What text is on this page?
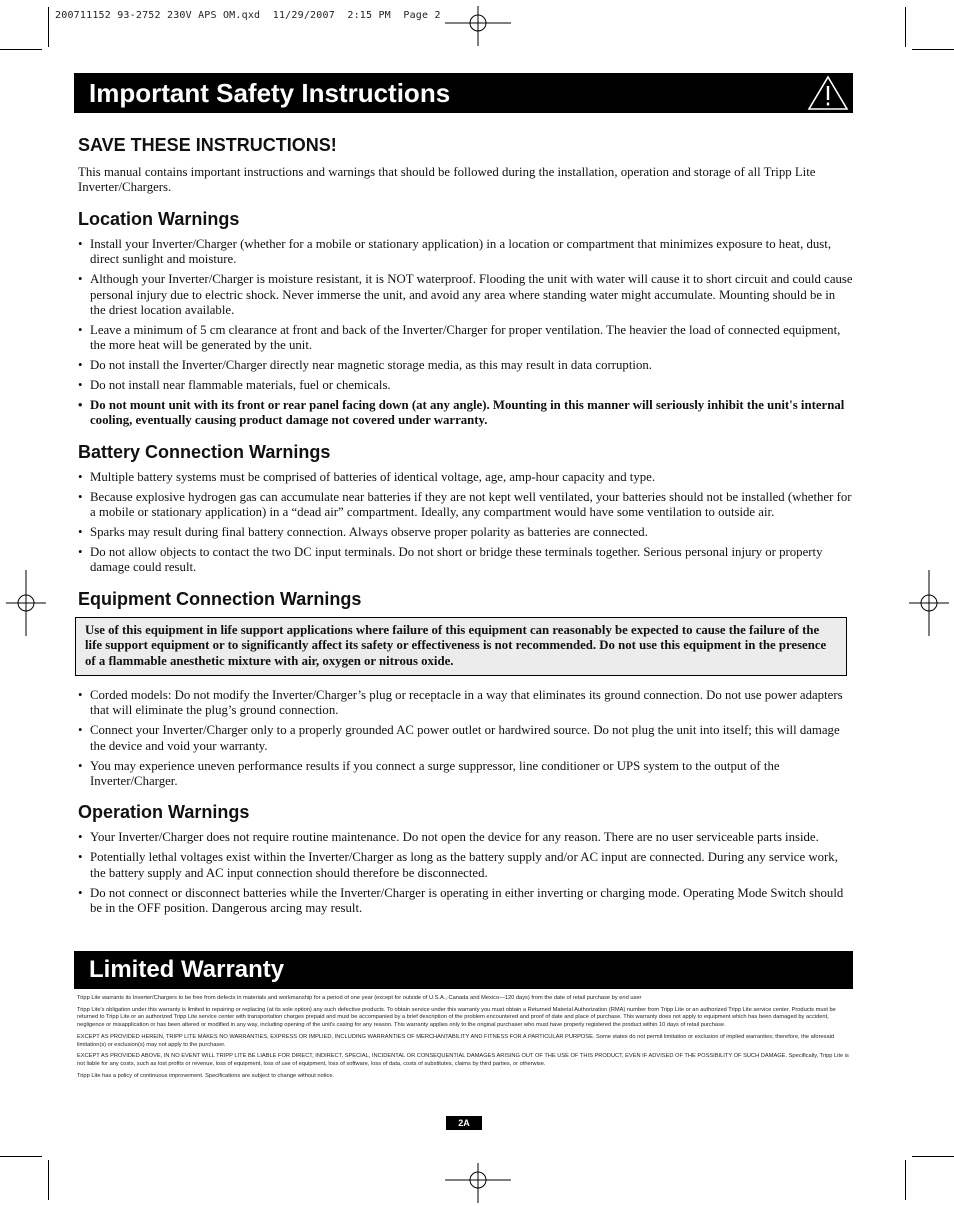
200711152 93-2752 230V APS OM.qxd  11/29/2007  2:15 PM  Page 2
Important Safety Instructions
SAVE THESE INSTRUCTIONS!

This manual contains important instructions and warnings that should be followed during the installation, operation and storage of all Tripp Lite Inverter/Chargers.

Location Warnings
• Install your Inverter/Charger (whether for a mobile or stationary application) in a location or compartment that minimizes exposure to heat, dust, direct sunlight and moisture.
• Although your Inverter/Charger is moisture resistant, it is NOT waterproof. Flooding the unit with water will cause it to short circuit and could cause personal injury due to electric shock. Never immerse the unit, and avoid any area where standing water might accumulate. Mounting should be in the driest location available.
• Leave a minimum of 5 cm clearance at front and back of the Inverter/Charger for proper ventilation. The heavier the load of connected equipment, the more heat will be generated by the unit.
• Do not install the Inverter/Charger directly near magnetic storage media, as this may result in data corruption.
• Do not install near flammable materials, fuel or chemicals.
• Do not mount unit with its front or rear panel facing down (at any angle). Mounting in this manner will seriously inhibit the unit's internal cooling, eventually causing product damage not covered under warranty.
Battery Connection Warnings
• Multiple battery systems must be comprised of batteries of identical voltage, age, amp-hour capacity and type.
• Because explosive hydrogen gas can accumulate near batteries if they are not kept well ventilated, your batteries should not be installed (whether for a mobile or stationary application) in a “dead air” compartment. Ideally, any compartment would have some ventilation to outside air.
• Sparks may result during final battery connection. Always observe proper polarity as batteries are connected.
• Do not allow objects to contact the two DC input terminals. Do not short or bridge these terminals together. Serious personal injury or property damage could result.
Equipment Connection Warnings
Use of this equipment in life support applications where failure of this equipment can reasonably be expected to cause the failure of the life support equipment or to significantly affect its safety or effectiveness is not recommended. Do not use this equipment in the presence of a flammable anesthetic mixture with air, oxygen or nitrous oxide.
• Corded models: Do not modify the Inverter/Charger’s plug or receptacle in a way that eliminates its ground connection. Do not use power adapters that will eliminate the plug’s ground connection.
• Connect your Inverter/Charger only to a properly grounded AC power outlet or hardwired source. Do not plug the unit into itself; this will damage the device and void your warranty.
• You may experience uneven performance results if you connect a surge suppressor, line conditioner or UPS system to the output of the Inverter/Charger.
Operation Warnings
• Your Inverter/Charger does not require routine maintenance. Do not open the device for any reason. There are no user serviceable parts inside.
• Potentially lethal voltages exist within the Inverter/Charger as long as the battery supply and/or AC input are connected. During any service work, the battery supply and AC input connection should therefore be disconnected.
• Do not connect or disconnect batteries while the Inverter/Charger is operating in either inverting or charging mode. Operating Mode Switch should be in the OFF position. Dangerous arcing may result.
Limited Warranty

Tripp Lite warrants its Inverter/Chargers to be free from defects in materials and workmanship for a period of one year (except for outside of U.S.A., Canada and Mexico—120 days) from the date of retail purchase by end user

Tripp Lite's obligation under this warranty is limited to repairing or replacing (at its sole option) any such defective products. To obtain service under this warranty you must obtain a Returned Material Authorization (RMA) number from Tripp Lite or an authorized Tripp Lite service center. Products must be returned to Tripp Lite or an authorized Tripp Lite service center with transportation charges prepaid and must be accompanied by a brief description of the problem encountered and proof of date and place of purchase. This warranty does not apply to equipment which has been damaged by accident, negligence or misapplication or has been altered or modified in any way, including opening of the unit's casing for any reason. This warranty applies only to the original purchaser who must have properly registered the product within 10 days of retail purchase.

EXCEPT AS PROVIDED HEREIN, TRIPP LITE MAKES NO WARRANTIES, EXPRESS OR IMPLIED, INCLUDING WARRANTIES OF MERCHANTABILITY AND FITNESS FOR A PARTICULAR PURPOSE. Some states do not permit limitation or exclusion of implied warranties; therefore, the aforesaid limitation(s) or exclusion(s) may not apply to the purchaser.

EXCEPT AS PROVIDED ABOVE, IN NO EVENT WILL TRIPP LITE BE LIABLE FOR DIRECT, INDIRECT, SPECIAL, INCIDENTAL OR CONSEQUENTIAL DAMAGES ARISING OUT OF THE USE OF THIS PRODUCT, EVEN IF ADVISED OF THE POSSIBILITY OF SUCH DAMAGE. Specifically, Tripp Lite is not liable for any costs, such as lost profits or revenue, loss of equipment, loss of use of equipment, loss of software, loss of data, costs of substitutes, claims by third parties, or otherwise.

Tripp Lite has a policy of continuous improvement. Specifications are subject to change without notice.

2A
